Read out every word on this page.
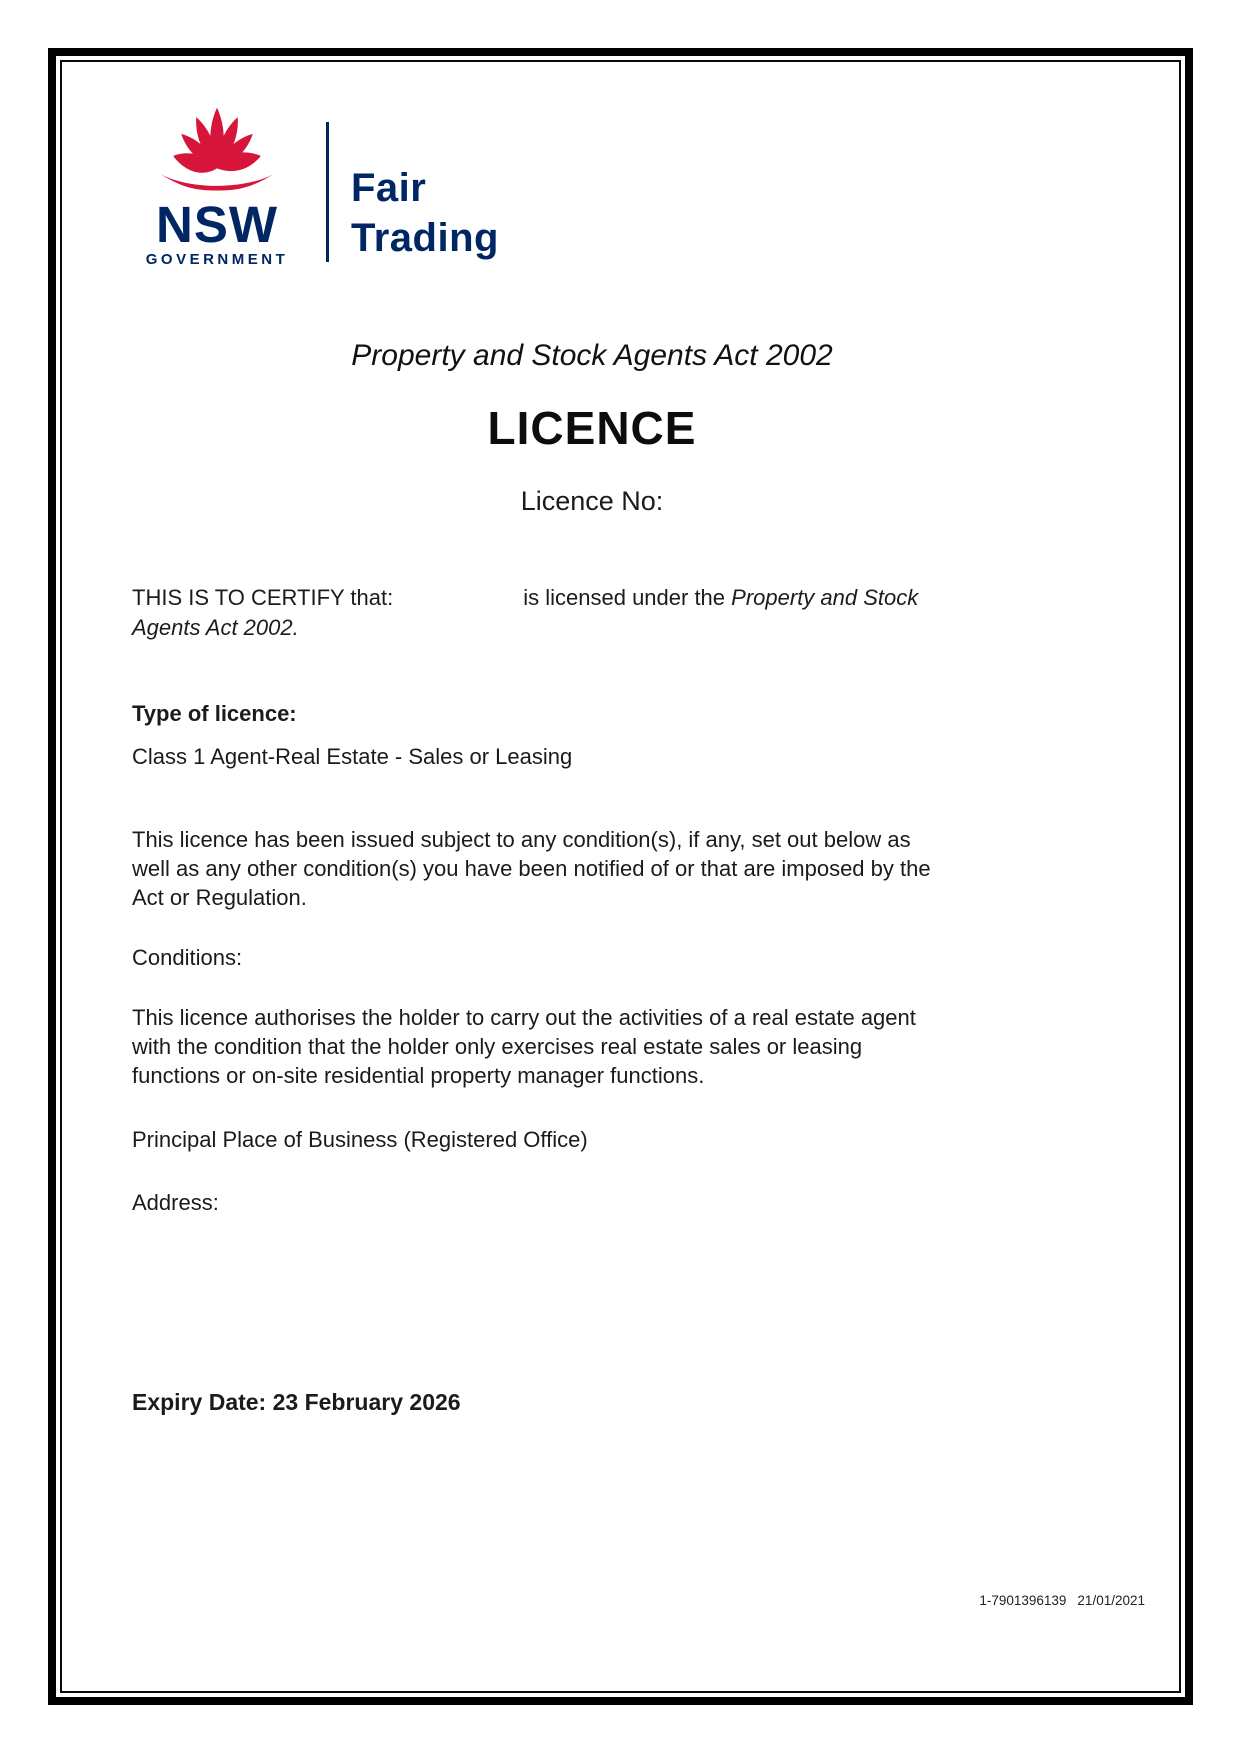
NSW
GOVERNMENT
Fair
Trading
Property and Stock Agents Act 2002
LICENCE
Licence No:

THIS IS TO CERTIFY that:	is licensed under the Property and Stock
Agents Act 2002.

Type of licence:
Class 1 Agent-Real Estate - Sales or Leasing

This licence has been issued subject to any condition(s), if any, set out below as
well as any other condition(s) you have been notified of or that are imposed by the
Act or Regulation.

Conditions:

This licence authorises the holder to carry out the activities of a real estate agent
with the condition that the holder only exercises real estate sales or leasing
functions or on-site residential property manager functions.

Principal Place of Business (Registered Office)
Address:

Expiry Date: 23 February 2026

1-7901396139 21/01/2021
